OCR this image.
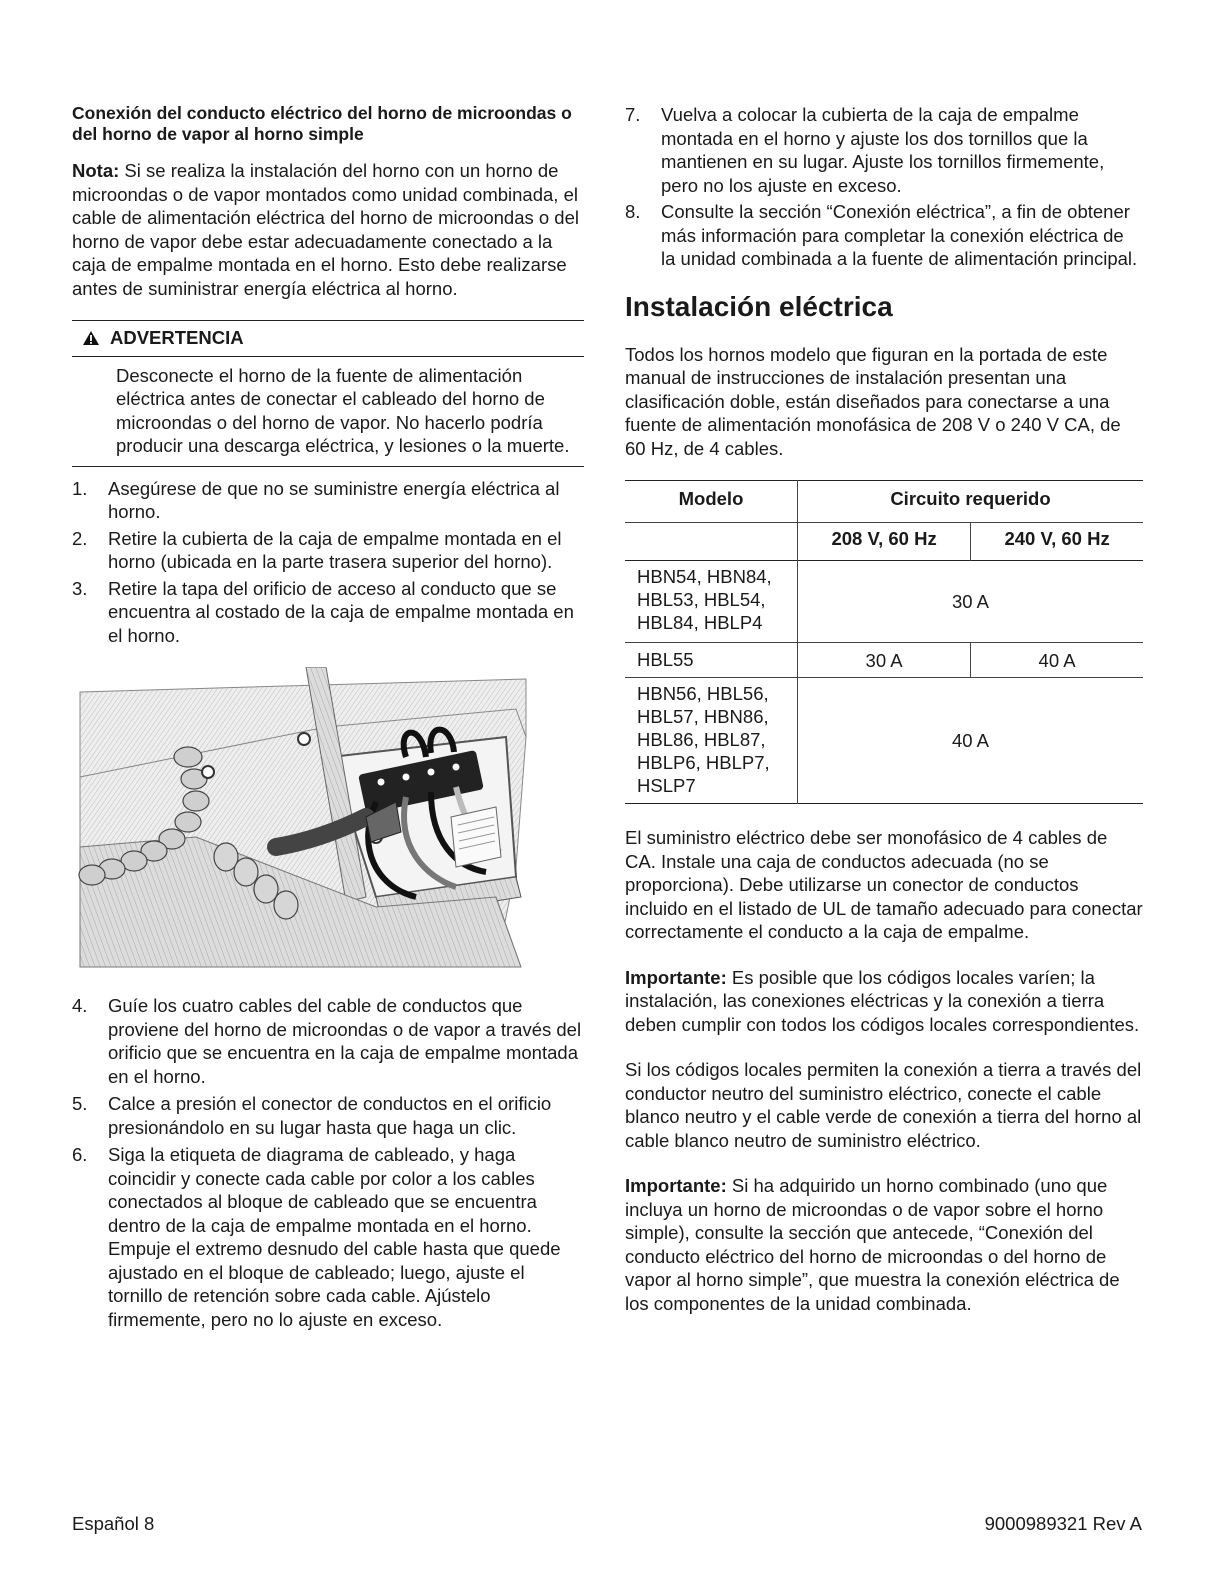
Conexión del conducto eléctrico del horno de microondas o del horno de vapor al horno simple

Nota: Si se realiza la instalación del horno con un horno de microondas o de vapor montados como unidad combinada, el cable de alimentación eléctrica del horno de microondas o del horno de vapor debe estar adecuadamente conectado a la caja de empalme montada en el horno. Esto debe realizarse antes de suministrar energía eléctrica al horno.

ADVERTENCIA
Desconecte el horno de la fuente de alimentación eléctrica antes de conectar el cableado del horno de microondas o del horno de vapor. No hacerlo podría producir una descarga eléctrica, y lesiones o la muerte.
1. Asegúrese de que no se suministre energía eléctrica al horno.
2. Retire la cubierta de la caja de empalme montada en el horno (ubicada en la parte trasera superior del horno).
3. Retire la tapa del orificio de acceso al conducto que se encuentra al costado de la caja de empalme montada en el horno.
4. Guíe los cuatro cables del cable de conductos que proviene del horno de microondas o de vapor a través del orificio que se encuentra en la caja de empalme montada en el horno.
5. Calce a presión el conector de conductos en el orificio presionándolo en su lugar hasta que haga un clic.
6. Siga la etiqueta de diagrama de cableado, y haga coincidir y conecte cada cable por color a los cables conectados al bloque de cableado que se encuentra dentro de la caja de empalme montada en el horno. Empuje el extremo desnudo del cable hasta que quede ajustado en el bloque de cableado; luego, ajuste el tornillo de retención sobre cada cable. Ajústelo firmemente, pero no lo ajuste en exceso.
7. Vuelva a colocar la cubierta de la caja de empalme montada en el horno y ajuste los dos tornillos que la mantienen en su lugar. Ajuste los tornillos firmemente, pero no los ajuste en exceso.
8. Consulte la sección “Conexión eléctrica”, a fin de obtener más información para completar la conexión eléctrica de la unidad combinada a la fuente de alimentación principal.
Instalación eléctrica

Todos los hornos modelo que figuran en la portada de este manual de instrucciones de instalación presentan una clasificación doble, están diseñados para conectarse a una fuente de alimentación monofásica de 208 V o 240 V CA, de 60 Hz, de 4 cables.

Modelo	Circuito requerido	
	208 V, 60 Hz	240 V, 60 Hz
HBN54, HBN84, HBL53, HBL54, HBL84, HBLP4	30 A	
HBL55	30 A	40 A
HBN56, HBL56, HBL57, HBN86, HBL86, HBL87, HBLP6, HBLP7, HSLP7	40 A	

El suministro eléctrico debe ser monofásico de 4 cables de CA. Instale una caja de conductos adecuada (no se proporciona). Debe utilizarse un conector de conductos incluido en el listado de UL de tamaño adecuado para conectar correctamente el conducto a la caja de empalme.

Importante: Es posible que los códigos locales varíen; la instalación, las conexiones eléctricas y la conexión a tierra deben cumplir con todos los códigos locales correspondientes.

Si los códigos locales permiten la conexión a tierra a través del conductor neutro del suministro eléctrico, conecte el cable blanco neutro y el cable verde de conexión a tierra del horno al cable blanco neutro de suministro eléctrico.

Importante: Si ha adquirido un horno combinado (uno que incluya un horno de microondas o de vapor sobre el horno simple), consulte la sección que antecede, “Conexión del conducto eléctrico del horno de microondas o del horno de vapor al horno simple”, que muestra la conexión eléctrica de los componentes de la unidad combinada.

Español 8	9000989321 Rev A
